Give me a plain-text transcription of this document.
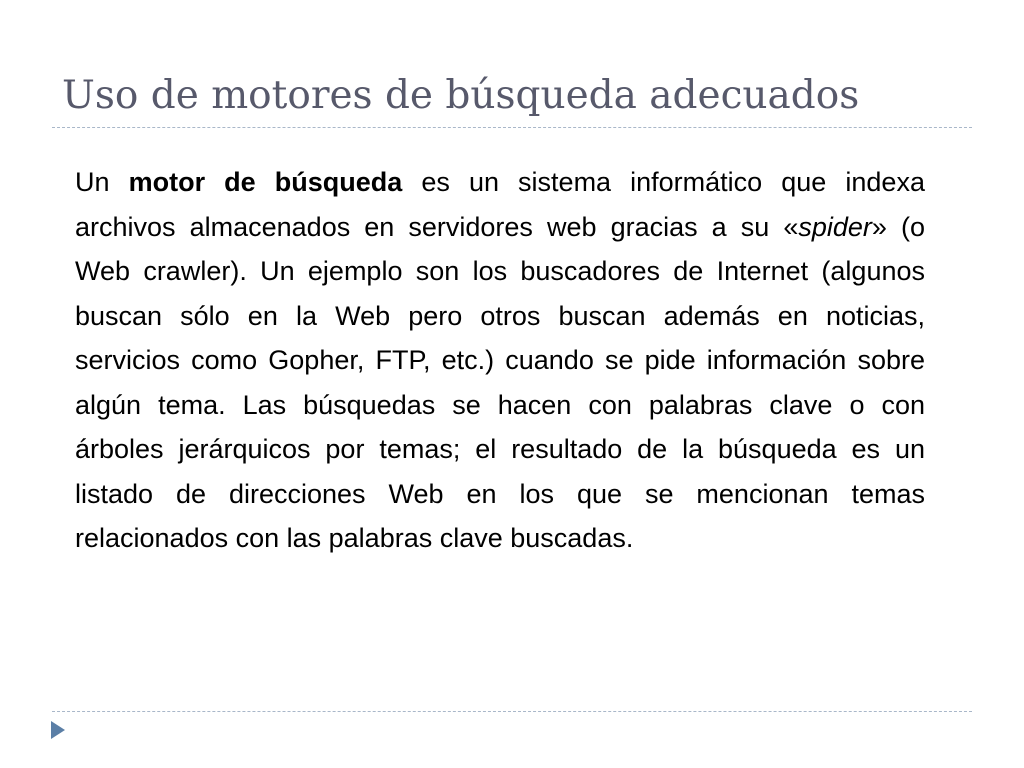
Uso de motores de búsqueda adecuados

Un motor de búsqueda es un sistema informático que indexa archivos almacenados en servidores web gracias a su «spider» (o Web crawler). Un ejemplo son los buscadores de Internet (algunos buscan sólo en la Web pero otros buscan además en noticias, servicios como Gopher, FTP, etc.) cuando se pide información sobre algún tema. Las búsquedas se hacen con palabras clave o con árboles jerárquicos por temas; el resultado de la búsqueda es un listado de direcciones Web en los que se mencionan temas relacionados con las palabras clave buscadas.
